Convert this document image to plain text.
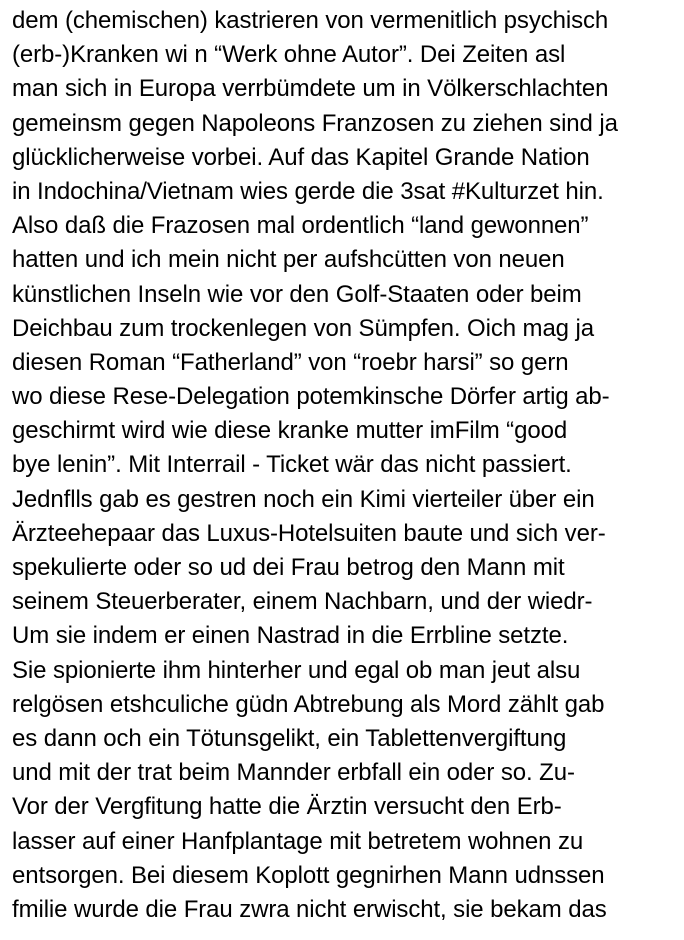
dem (chemischen) kastrieren von vermenitlich psychisch
(erb-)Kranken wi n “Werk ohne Autor”. Dei Zeiten asl
man sich in Europa verrbümdete um in Völkerschlachten
gemeinsm gegen Napoleons Franzosen zu ziehen sind ja
glücklicherweise vorbei. Auf das Kapitel Grande Nation
in Indochina/Vietnam wies gerde die 3sat #Kulturzet hin.
Also daß die Frazosen mal ordentlich “land gewonnen”
hatten und ich mein nicht per aufshcütten von neuen
künstlichen Inseln wie vor den Golf-Staaten oder beim
Deichbau zum trockenlegen von Sümpfen. Oich mag ja
diesen Roman “Fatherland” von “roebr harsi” so gern
wo diese Rese-Delegation potemkinsche Dörfer artig ab-
geschirmt wird wie diese kranke mutter imFilm “good
bye lenin”. Mit Interrail - Ticket wär das nicht passiert.
Jednflls gab es gestren noch ein Kimi vierteiler über ein
Ärzteehepaar das Luxus-Hotelsuiten baute und sich ver-
spekulierte oder so ud dei Frau betrog den Mann mit
seinem Steuerberater, einem Nachbarn, und der wiedr-
Um sie indem er einen Nastrad in die Errbline setzte.
Sie spionierte ihm hinterher und egal ob man jeut alsu
relgösen etshculiche güdn Abtrebung als Mord zählt gab
es dann och ein Tötunsgelikt, ein Tablettenvergiftung
und mit der trat beim Mannder erbfall ein oder so. Zu-
Vor der Vergfitung hatte die Ärztin versucht den Erb-
lasser auf einer Hanfplantage mit betretem wohnen zu
entsorgen. Bei diesem Koplott gegnirhen Mann udnssen
fmilie wurde die Frau zwra nicht erwischt, sie bekam das
